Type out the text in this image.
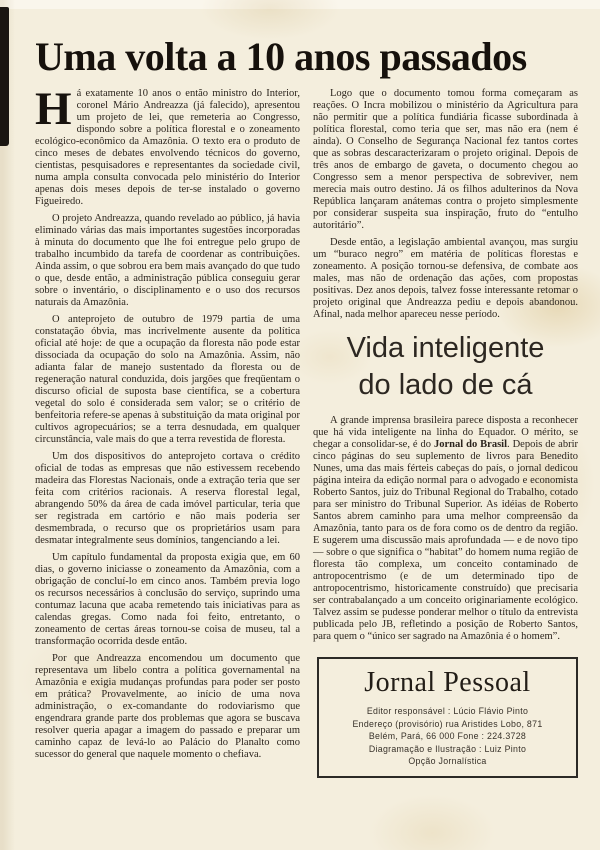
Uma volta a 10 anos passados

Há exatamente 10 anos o então ministro do Interior, coronel Mário Andreazza (já falecido), apresentou um projeto de lei, que remeteria ao Congresso, dispondo sobre a política florestal e o zoneamento ecológico-econômico da Amazônia. O texto era o produto de cinco meses de debates envolvendo técnicos do governo, cientistas, pesquisadores e representantes da sociedade civil, numa ampla consulta convocada pelo ministério do Interior apenas dois meses depois de ter-se instalado o governo Figueiredo.

O projeto Andreazza, quando revelado ao público, já havia eliminado várias das mais importantes sugestões incorporadas à minuta do documento que lhe foi entregue pelo grupo de trabalho incumbido da tarefa de coordenar as contribuições. Ainda assim, o que sobrou era bem mais avançado do que tudo o que, desde então, a administração pública conseguiu gerar sobre o inventário, o disciplinamento e o uso dos recursos naturais da Amazônia.

O anteprojeto de outubro de 1979 partia de uma constatação óbvia, mas incrivelmente ausente da política oficial até hoje: de que a ocupação da floresta não pode estar dissociada da ocupação do solo na Amazônia. Assim, não adianta falar de manejo sustentado da floresta ou de regeneração natural conduzida, dois jargões que freqüentam o discurso oficial de suposta base científica, se a cobertura vegetal do solo é considerada sem valor; se o critério de benfeitoria refere-se apenas à substituição da mata original por cultivos agropecuários; se a terra desnudada, em qualquer circunstância, vale mais do que a terra revestida de floresta.

Um dos dispositivos do anteprojeto cortava o crédito oficial de todas as empresas que não estivessem recebendo madeira das Florestas Nacionais, onde a extração teria que ser feita com critérios racionais. A reserva florestal legal, abrangendo 50% da área de cada imóvel particular, teria que ser registrada em cartório e não mais poderia ser desmembrada, o recurso que os proprietários usam para desmatar integralmente seus domínios, tangenciando a lei.

Um capítulo fundamental da proposta exigia que, em 60 dias, o governo iniciasse o zoneamento da Amazônia, com a obrigação de concluí-lo em cinco anos. Também previa logo os recursos necessários à conclusão do serviço, suprindo uma contumaz lacuna que acaba remetendo tais iniciativas para as calendas gregas. Como nada foi feito, entretanto, o zoneamento de certas áreas tornou-se coisa de museu, tal a transformação ocorrida desde então.

Por que Andreazza encomendou um documento que representava um libelo contra a política governamental na Amazônia e exigia mudanças profundas para poder ser posto em prática? Provavelmente, ao início de uma nova administração, o ex-comandante do rodoviarismo que engendrara grande parte dos problemas que agora se buscava resolver queria apagar a imagem do passado e preparar um caminho capaz de levá-lo ao Palácio do Planalto como sucessor do general que naquele momento o chefiava.

Logo que o documento tomou forma começaram as reações. O Incra mobilizou o ministério da Agricultura para não permitir que a política fundiária ficasse subordinada à política florestal, como teria que ser, mas não era (nem é ainda). O Conselho de Segurança Nacional fez tantos cortes que as sobras descaracterizaram o projeto original. Depois de três anos de embargo de gaveta, o documento chegou ao Congresso sem a menor perspectiva de sobreviver, nem merecia mais outro destino. Já os filhos adulterinos da Nova República lançaram anátemas contra o projeto simplesmente por considerar suspeita sua inspiração, fruto do “entulho autoritário”.

Desde então, a legislação ambiental avançou, mas surgiu um “buraco negro” em matéria de políticas florestas e zoneamento. A posição tornou-se defensiva, de combate aos males, mas não de ordenação das ações, com propostas positivas. Dez anos depois, talvez fosse interessante retomar o projeto original que Andreazza pediu e depois abandonou. Afinal, nada melhor apareceu nesse período.

Vida inteligente
do lado de cá

A grande imprensa brasileira parece disposta a reconhecer que há vida inteligente na linha do Equador. O mérito, se chegar a consolidar-se, é do Jornal do Brasil. Depois de abrir cinco páginas do seu suplemento de livros para Benedito Nunes, uma das mais férteis cabeças do país, o jornal dedicou página inteira da edição normal para o advogado e economista Roberto Santos, juiz do Tribunal Regional do Trabalho, cotado para ser ministro do Tribunal Superior. As idéias de Roberto Santos abrem caminho para uma melhor compreensão da Amazônia, tanto para os de fora como os de dentro da região. E sugerem uma discussão mais aprofundada — e de novo tipo — sobre o que significa o “habitat” do homem numa região de floresta tão complexa, um conceito contaminado de antropocentrismo (e de um determinado tipo de antropocentrismo, historicamente construído) que precisaria ser contrabalançado a um conceito originariamente ecológico. Talvez assim se pudesse ponderar melhor o título da entrevista publicada pelo JB, refletindo a posição de Roberto Santos, para quem o “único ser sagrado na Amazônia é o homem”.

Jornal Pessoal
Editor responsável : Lúcio Flávio Pinto
Endereço (provisório) rua Aristides Lobo, 871
Belém, Pará, 66 000 Fone : 224.3728
Diagramação e Ilustração : Luiz Pinto
Opção Jornalística
